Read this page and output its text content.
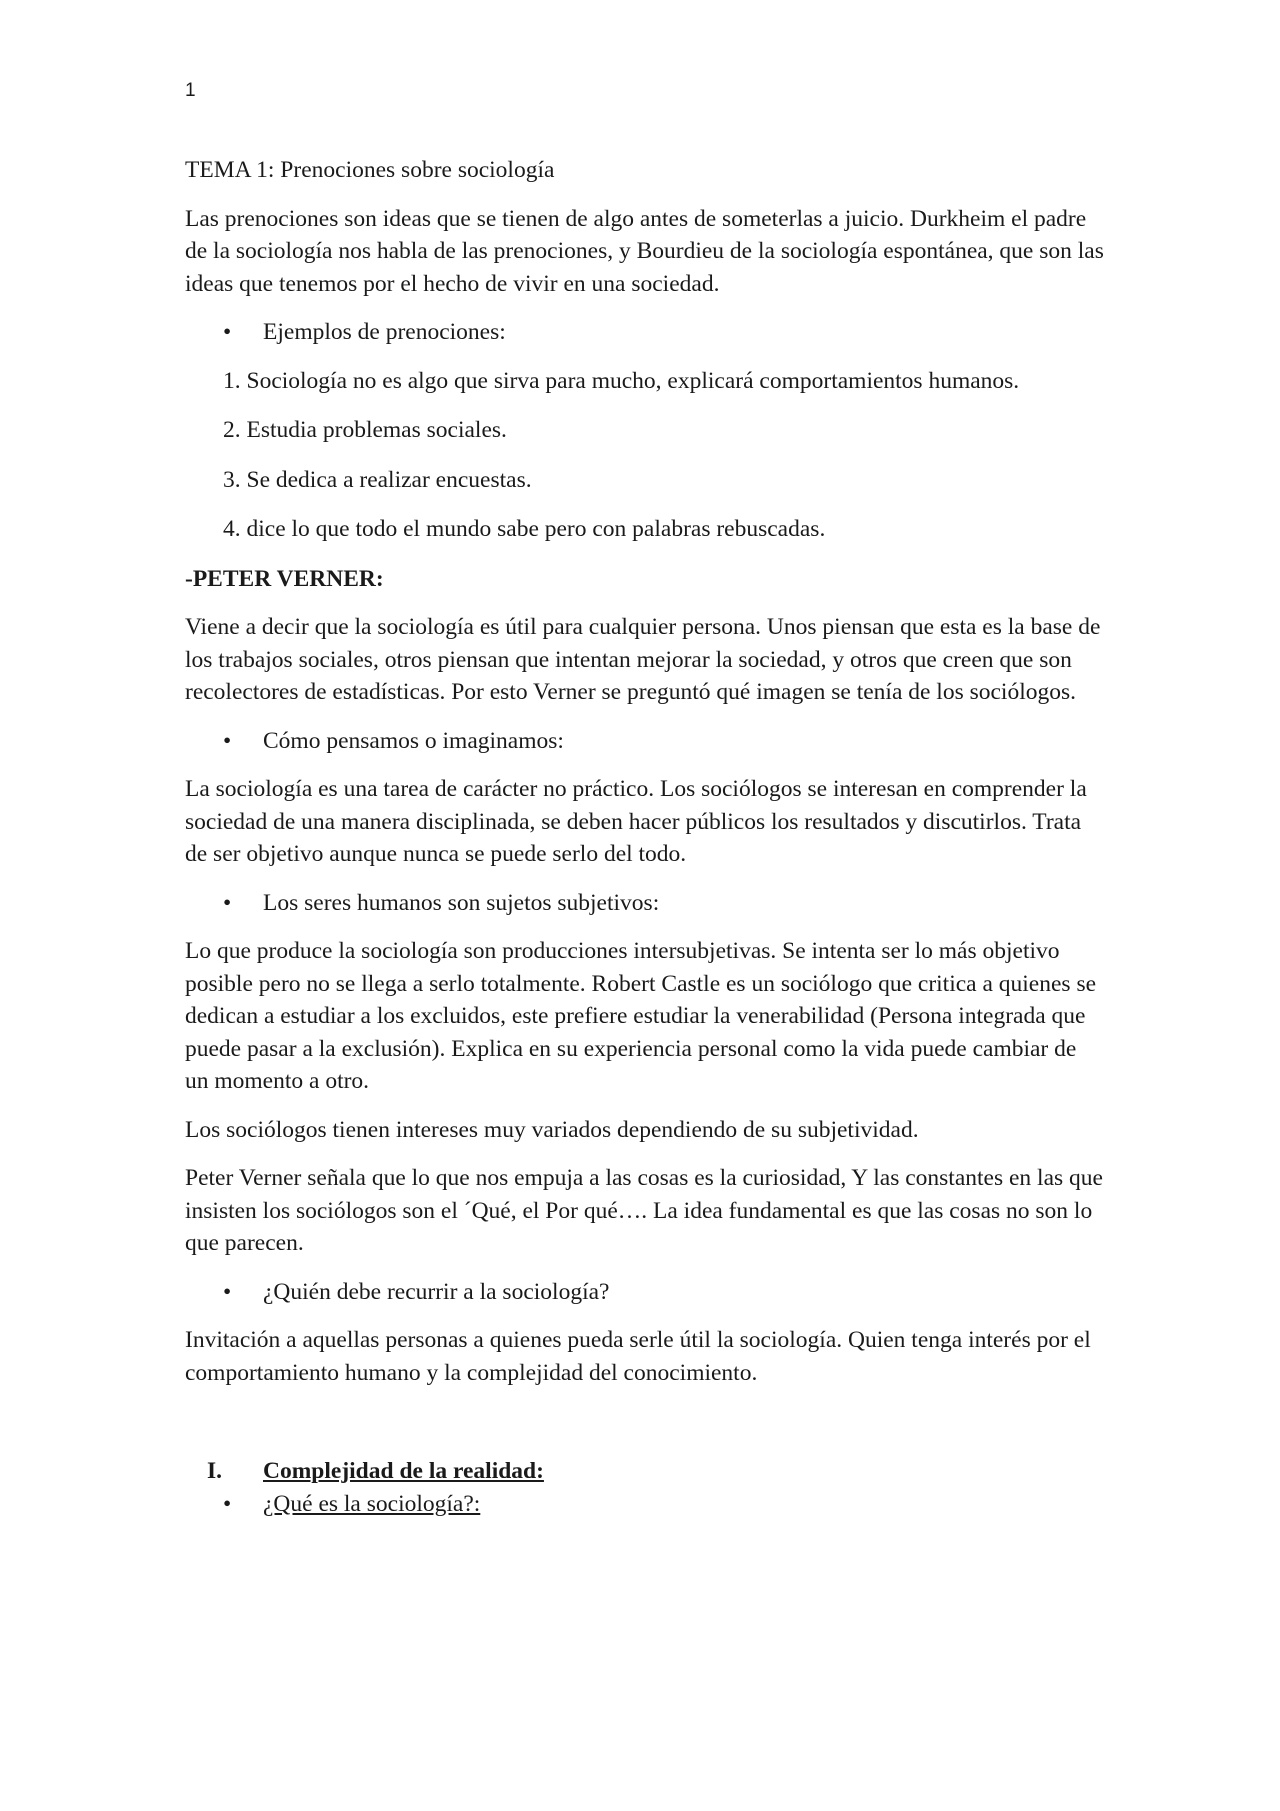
1

TEMA 1: Prenociones sobre sociología

Las prenociones son ideas que se tienen de algo antes de someterlas a juicio. Durkheim el padre de la sociología nos habla de las prenociones, y Bourdieu de la sociología espontánea, que son las ideas que tenemos por el hecho de vivir en una sociedad.

• Ejemplos de prenociones:
1. Sociología no es algo que sirva para mucho, explicará comportamientos humanos.
2. Estudia problemas sociales.
3. Se dedica a realizar encuestas.
4. dice lo que todo el mundo sabe pero con palabras rebuscadas.

-PETER VERNER:

Viene a decir que la sociología es útil para cualquier persona. Unos piensan que esta es la base de los trabajos sociales, otros piensan que intentan mejorar la sociedad, y otros que creen que son recolectores de estadísticas. Por esto Verner se preguntó qué imagen se tenía de los sociólogos.

• Cómo pensamos o imaginamos:

La sociología es una tarea de carácter no práctico. Los sociólogos se interesan en comprender la sociedad de una manera disciplinada, se deben hacer públicos los resultados y discutirlos. Trata de ser objetivo aunque nunca se puede serlo del todo.

• Los seres humanos son sujetos subjetivos:

Lo que produce la sociología son producciones intersubjetivas. Se intenta ser lo más objetivo posible pero no se llega a serlo totalmente. Robert Castle es un sociólogo que critica a quienes se dedican a estudiar a los excluidos, este prefiere estudiar la venerabilidad (Persona integrada que puede pasar a la exclusión). Explica en su experiencia personal como la vida puede cambiar de un momento a otro.

Los sociólogos tienen intereses muy variados dependiendo de su subjetividad.

Peter Verner señala que lo que nos empuja a las cosas es la curiosidad, Y las constantes en las que insisten los sociólogos son el ´Qué, el Por qué…. La idea fundamental es que las cosas no son lo que parecen.

• ¿Quién debe recurrir a la sociología?

Invitación a aquellas personas a quienes pueda serle útil la sociología. Quien tenga interés por el comportamiento humano y la complejidad del conocimiento.

I. Complejidad de la realidad:
• ¿Qué es la sociología?:
